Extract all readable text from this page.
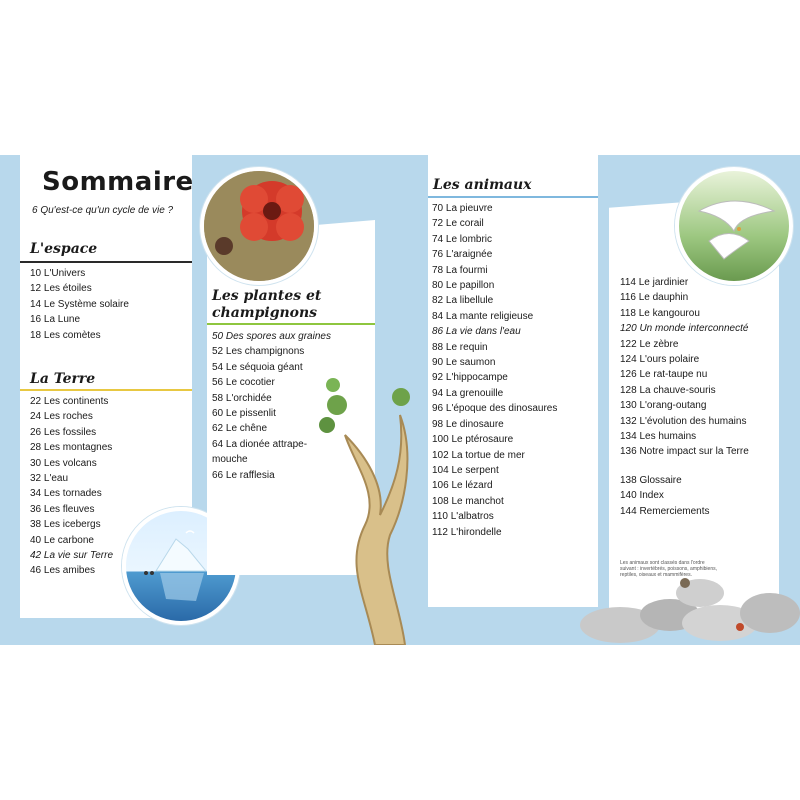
Sommaire
6 Qu'est-ce qu'un cycle de vie ?
L'espace
10 L'Univers
12 Les étoiles
14 Le Système solaire
16 La Lune
18 Les comètes
La Terre
22 Les continents
24 Les roches
26 Les fossiles
28 Les montagnes
30 Les volcans
32 L'eau
34 Les tornades
36 Les fleuves
38 Les icebergs
40 Le carbone
42 La vie sur Terre
46 Les amibes
Les plantes et
champignons
50 Des spores aux graines
52 Les champignons
54 Le séquoia géant
56 Le cocotier
58 L'orchidée
60 Le pissenlit
62 Le chêne
64 La dionée attrape-mouche
66 Le rafflesia
Les animaux
70 La pieuvre
72 Le corail
74 Le lombric
76 L'araignée
78 La fourmi
80 Le papillon
82 La libellule
84 La mante religieuse
86 La vie dans l'eau
88 Le requin
90 Le saumon
92 L'hippocampe
94 La grenouille
96 L'époque des dinosaures
98 Le dinosaure
100 Le ptérosaure
102 La tortue de mer
104 Le serpent
106 Le lézard
108 Le manchot
110 L'albatros
112 L'hirondelle
114 Le jardinier
116 Le dauphin
118 Le kangourou
120 Un monde interconnecté
122 Le zèbre
124 L'ours polaire
126 Le rat-taupe nu
128 La chauve-souris
130 L'orang-outang
132 L'évolution des humains
134 Les humains
136 Notre impact sur la Terre
138 Glossaire
140 Index
144 Remerciements
Les animaux sont classés dans l'ordre suivant : invertébrés, poissons, amphibiens, reptiles, oiseaux et mammifères.
